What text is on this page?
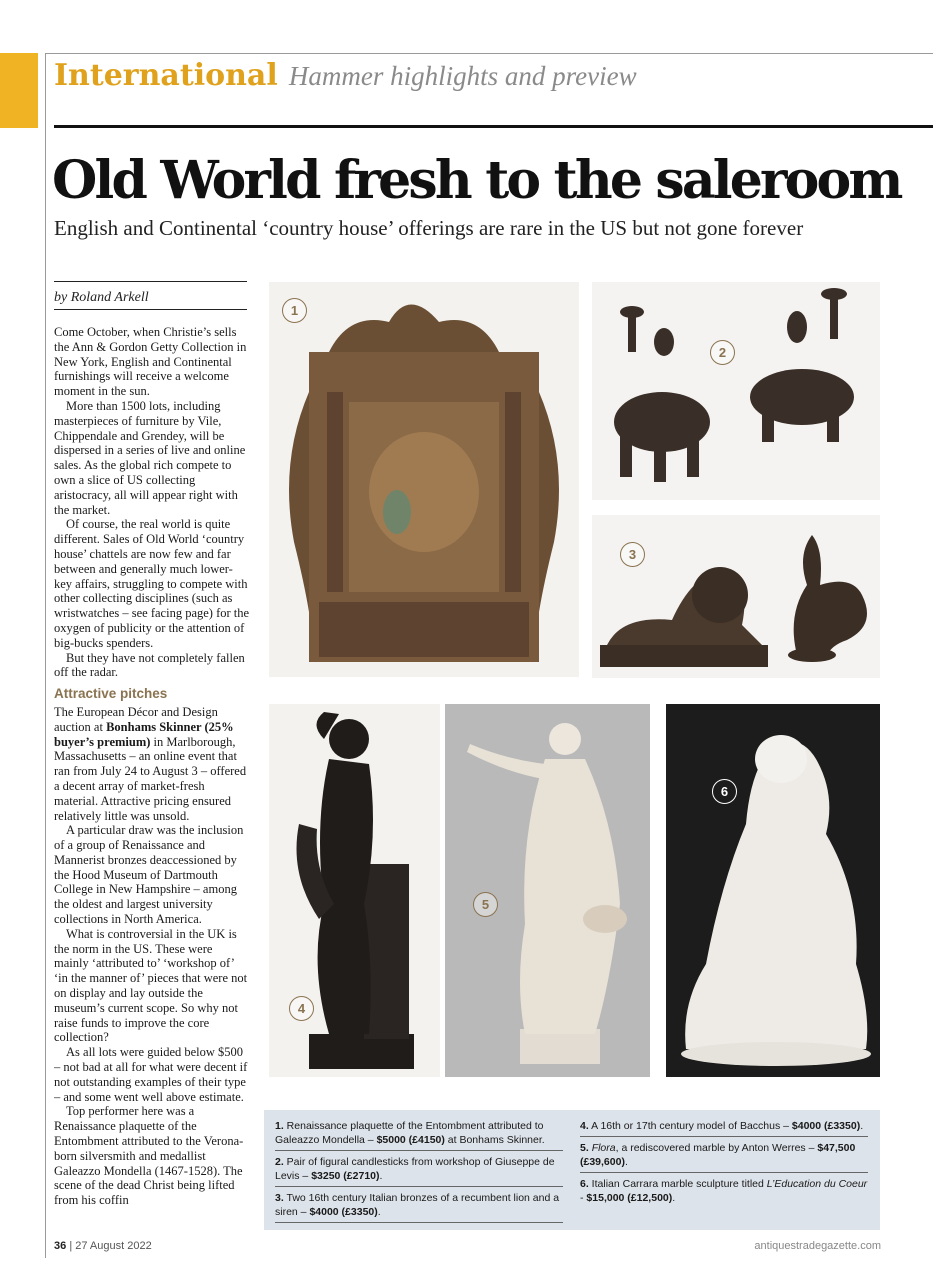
International Hammer highlights and preview
Old World fresh to the saleroom

English and Continental ‘country house’ offerings are rare in the US but not gone forever

by Roland Arkell

Come October, when Christie’s sells the Ann & Gordon Getty Collection in New York, English and Continental furnishings will receive a welcome moment in the sun.

More than 1500 lots, including masterpieces of furniture by Vile, Chippendale and Grendey, will be dispersed in a series of live and online sales. As the global rich compete to own a slice of US collecting aristocracy, all will appear right with the market.

Of course, the real world is quite different. Sales of Old World ‘country house’ chattels are now few and far between and generally much lower-key affairs, struggling to compete with other collecting disciplines (such as wristwatches – see facing page) for the oxygen of publicity or the attention of big-bucks spenders.

But they have not completely fallen off the radar.

Attractive pitches

The European Décor and Design auction at Bonhams Skinner (25% buyer’s premium) in Marlborough, Massachusetts – an online event that ran from July 24 to August 3 – offered a decent array of market-fresh material. Attractive pricing ensured relatively little was unsold.

A particular draw was the inclusion of a group of Renaissance and Mannerist bronzes deaccessioned by the Hood Museum of Dartmouth College in New Hampshire – among the oldest and largest university collections in North America.

What is controversial in the UK is the norm in the US. These were mainly ‘attributed to’ ‘workshop of’ ‘in the manner of’ pieces that were not on display and lay outside the museum’s current scope. So why not raise funds to improve the core collection?

As all lots were guided below $500 – not bad at all for what were decent if not outstanding examples of their type – and some went well above estimate.

Top performer here was a Renaissance plaquette of the Entombment attributed to the Verona-born silversmith and medallist Galeazzo Mondella (1467-1528). The scene of the dead Christ being lifted from his coffin

1
2
3
4
5
6
1. Renaissance plaquette of the Entombment attributed to Galeazzo Mondella – $5000 (£4150) at Bonhams Skinner.
2. Pair of figural candlesticks from workshop of Giuseppe de Levis – $3250 (£2710).
3. Two 16th century Italian bronzes of a recumbent lion and a siren – $4000 (£3350).
4. A 16th or 17th century model of Bacchus – $4000 (£3350).
5. Flora, a rediscovered marble by Anton Werres – $47,500 (£39,600).
6. Italian Carrara marble sculpture titled L’Education du Coeur - $15,000 (£12,500).
36 | 27 August 2022	antiquestradegazette.com
